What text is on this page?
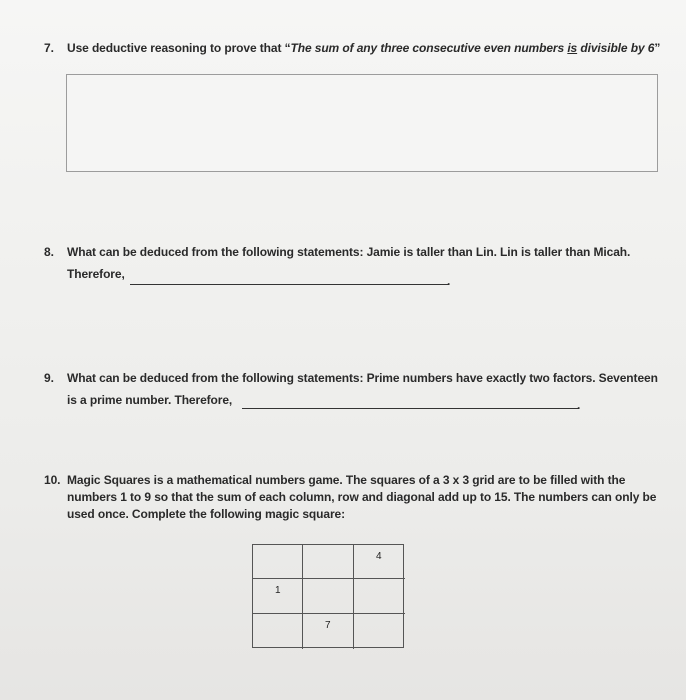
7. Use deductive reasoning to prove that “The sum of any three consecutive even numbers is divisible by 6”
8. What can be deduced from the following statements: Jamie is taller than Lin. Lin is taller than Micah.
Therefore,	.
9. What can be deduced from the following statements: Prime numbers have exactly two factors. Seventeen
is a prime number. Therefore,	.
10. Magic Squares is a mathematical numbers game. The squares of a 3 x 3 grid are to be filled with the
numbers 1 to 9 so that the sum of each column, row and diagonal add up to 15. The numbers can only be
used once. Complete the following magic square:
4
1
7
